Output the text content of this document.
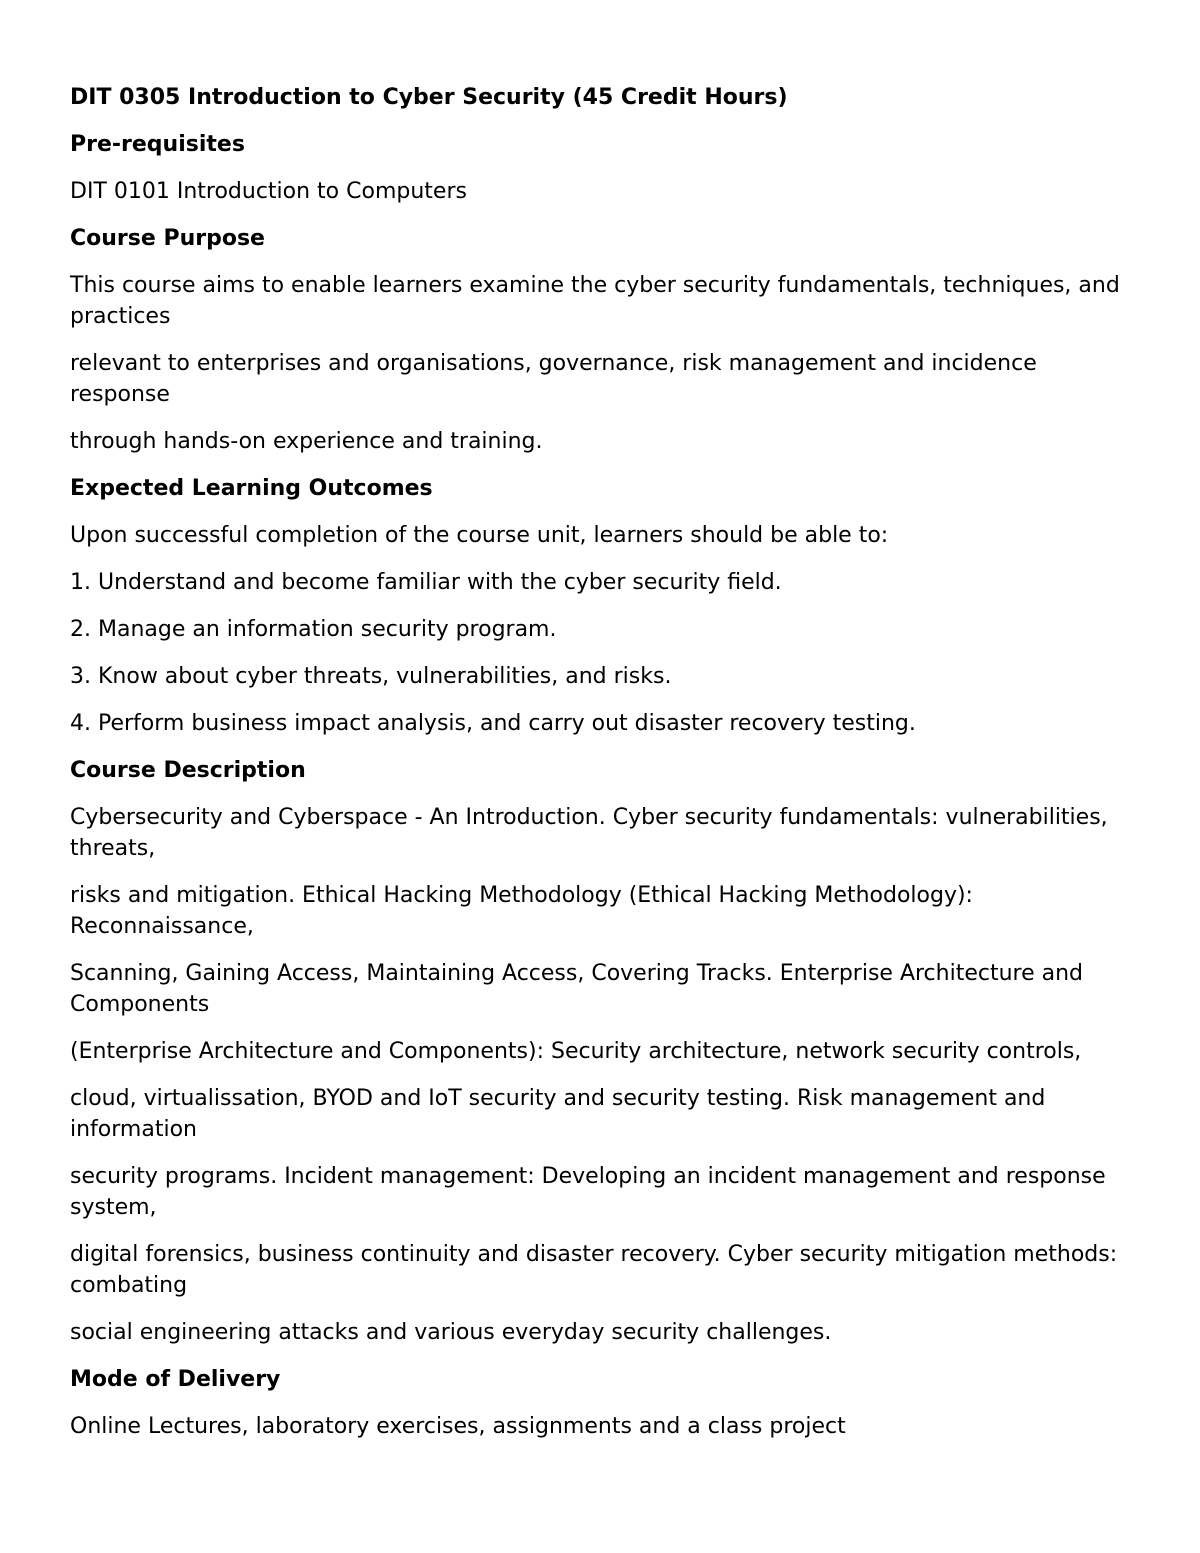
DIT 0305 Introduction to Cyber Security (45 Credit Hours)

Pre-requisites

DIT 0101 Introduction to Computers

Course Purpose

This course aims to enable learners examine the cyber security fundamentals, techniques, and practices

relevant to enterprises and organisations, governance, risk management and incidence response

through hands-on experience and training.

Expected Learning Outcomes

Upon successful completion of the course unit, learners should be able to:

1. Understand and become familiar with the cyber security field.

2. Manage an information security program.

3. Know about cyber threats, vulnerabilities, and risks.

4. Perform business impact analysis, and carry out disaster recovery testing.

Course Description

Cybersecurity and Cyberspace - An Introduction. Cyber security fundamentals: vulnerabilities, threats,

risks and mitigation. Ethical Hacking Methodology (Ethical Hacking Methodology): Reconnaissance,

Scanning, Gaining Access, Maintaining Access, Covering Tracks. Enterprise Architecture and Components

(Enterprise Architecture and Components): Security architecture, network security controls,

cloud, virtualissation, BYOD and IoT security and security testing. Risk management and information

security programs. Incident management: Developing an incident management and response system,

digital forensics, business continuity and disaster recovery. Cyber security mitigation methods: combating

social engineering attacks and various everyday security challenges.

Mode of Delivery

Online Lectures, laboratory exercises, assignments and a class project
